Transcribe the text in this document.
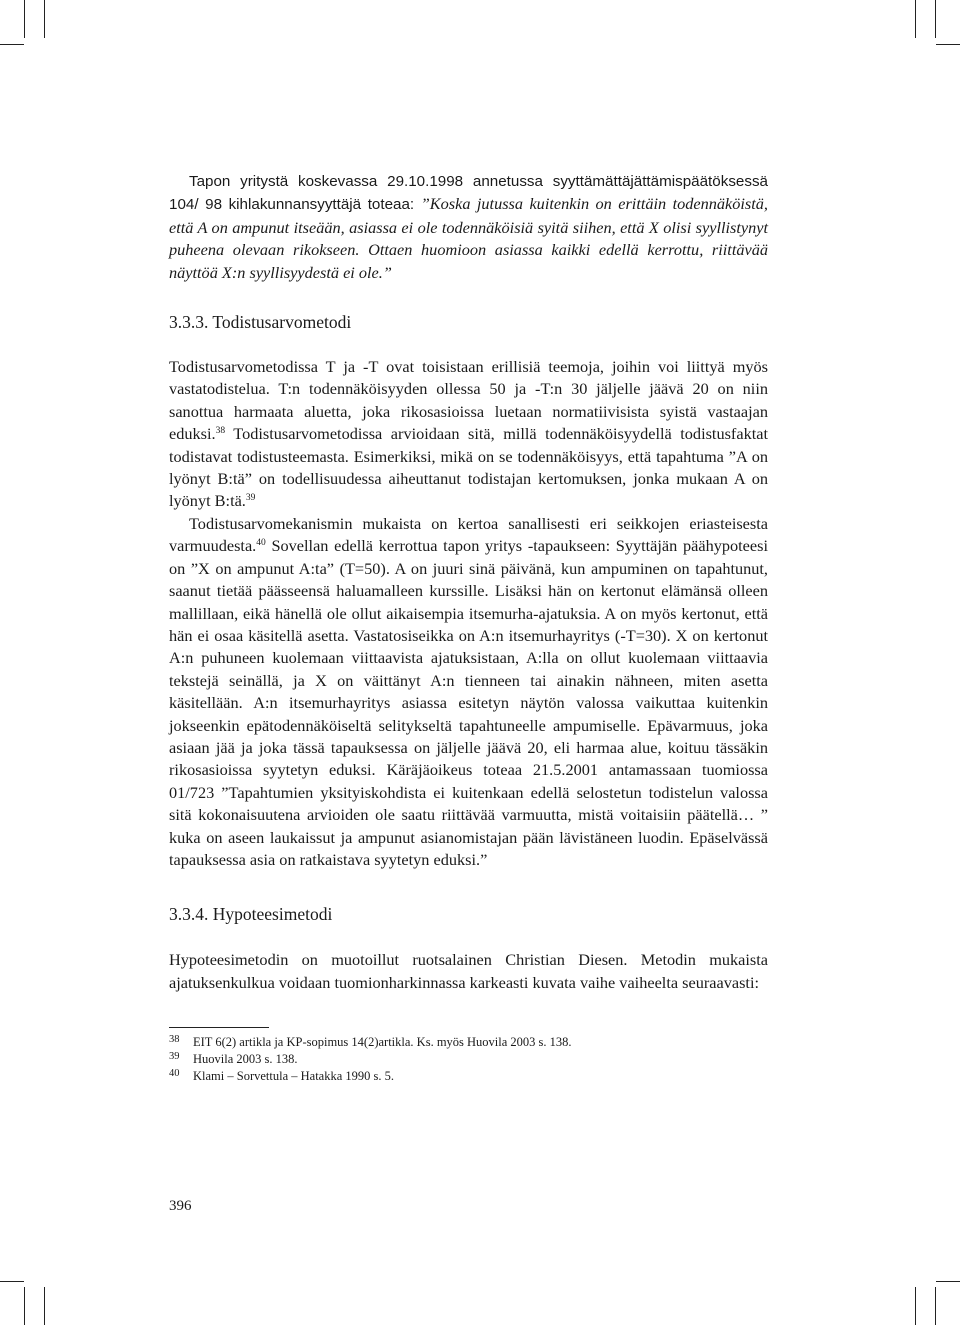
Tapon yritystä koskevassa 29.10.1998 annetussa syyttämättäjättämispäätöksessä 104/ 98 kihlakunnansyyttäjä toteaa: ”Koska jutussa kuitenkin on erittäin todennäköistä, että A on ampunut itseään, asiassa ei ole todennäköisiä syitä siihen, että X olisi syyllistynyt puheena olevaan rikokseen. Ottaen huomioon asiassa kaikki edellä kerrottu, riittävää näyttöä X:n syyllisyydestä ei ole.”

3.3.3. Todistusarvometodi

Todistusarvometodissa T ja -T ovat toisistaan erillisiä teemoja, joihin voi liittyä myös vastatodistelua. T:n todennäköisyyden ollessa 50 ja -T:n 30 jäljelle jäävä 20 on niin sanottua harmaata aluetta, joka rikosasioissa luetaan normatiivisista syistä vastaajan eduksi.$^{38}$ Todistusarvometodissa arvioidaan sitä, millä todennäköisyydellä todistusfaktat todistavat todistusteemasta. Esimerkiksi, mikä on se todennäköisyys, että tapahtuma ”A on lyönyt B:tä” on todellisuudessa aiheuttanut todistajan kertomuksen, jonka mukaan A on lyönyt B:tä.$^{39}$

Todistusarvomekanismin mukaista on kertoa sanallisesti eri seikkojen eriasteisesta varmuudesta.$^{40}$ Sovellan edellä kerrottua tapon yritys -tapaukseen: Syyttäjän päähypoteesi on ”X on ampunut A:ta” (T=50). A on juuri sinä päivänä, kun ampuminen on tapahtunut, saanut tietää päässeensä haluamalleen kurssille. Lisäksi hän on kertonut elämänsä olleen mallillaan, eikä hänellä ole ollut aikaisempia itsemurha-ajatuksia. A on myös kertonut, että hän ei osaa käsitellä asetta. Vastatosiseikka on A:n itsemurhayritys (-T=30). X on kertonut A:n puhuneen kuolemaan viittaavista ajatuksistaan, A:lla on ollut kuolemaan viittaavia tekstejä seinällä, ja X on väittänyt A:n tienneen tai ainakin nähneen, miten asetta käsitellään. A:n itsemurhayritys asiassa esitetyn näytön valossa vaikuttaa kuitenkin jokseenkin epätodennäköiseltä selitykseltä tapahtuneelle ampumiselle. Epävarmuus, joka asiaan jää ja joka tässä tapauksessa on jäljelle jäävä 20, eli harmaa alue, koituu tässäkin rikosasioissa syytetyn eduksi. Käräjäoikeus toteaa 21.5.2001 antamassaan tuomiossa 01/723 ”Tapahtumien yksityiskohdista ei kuitenkaan edellä selostetun todistelun valossa sitä kokonaisuutena arvioiden ole saatu riittävää varmuutta, mistä voitaisiin päätellä… ” kuka on aseen laukaissut ja ampunut asianomistajan pään lävistäneen luodin. Epäselvässä tapauksessa asia on ratkaistava syytetyn eduksi.”

3.3.4. Hypoteesimetodi

Hypoteesimetodin on muotoillut ruotsalainen Christian Diesen. Metodin mukaista ajatuksenkulkua voidaan tuomionharkinnassa karkeasti kuvata vaihe vaiheelta seuraavasti:

38	EIT 6(2) artikla ja KP-sopimus 14(2)artikla. Ks. myös Huovila 2003 s. 138.
39	Huovila 2003 s. 138.
40	Klami – Sorvettula – Hatakka 1990 s. 5.
396
